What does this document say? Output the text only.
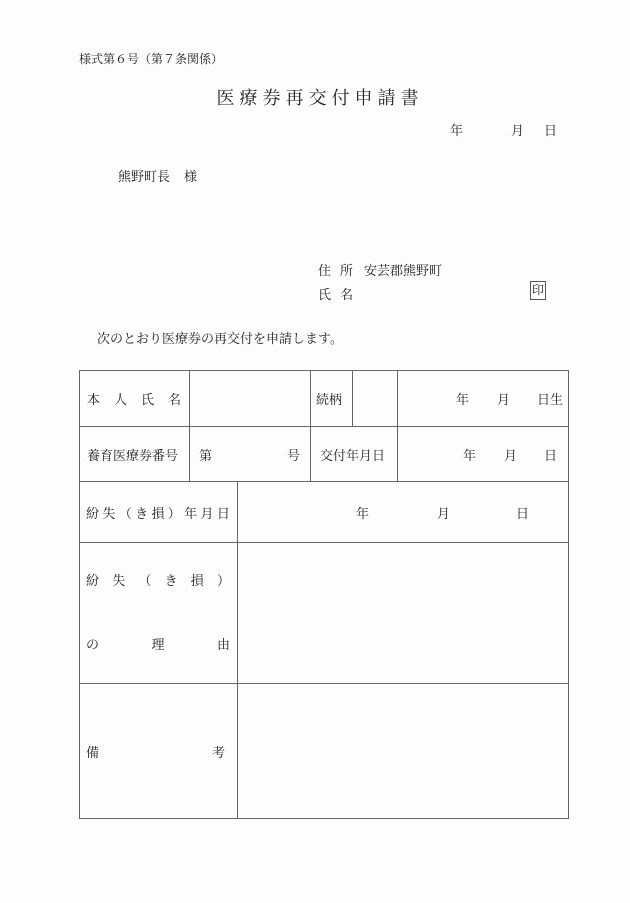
様式第６号（第７条関係）
医療券再交付申請書
年	月 日
熊野町長 様
住 所 安芸郡熊野町
氏 名	印
次のとおり医療券の再交付を申請します。
本 人 氏 名	続柄	年 月 日生
養育医療券番号	第	号	交付年月日	年 月 日
紛 失 （ き 損 ） 年 月 日	年	月	日
紛 失 （ き 損 ）
の	理	由
備	考
